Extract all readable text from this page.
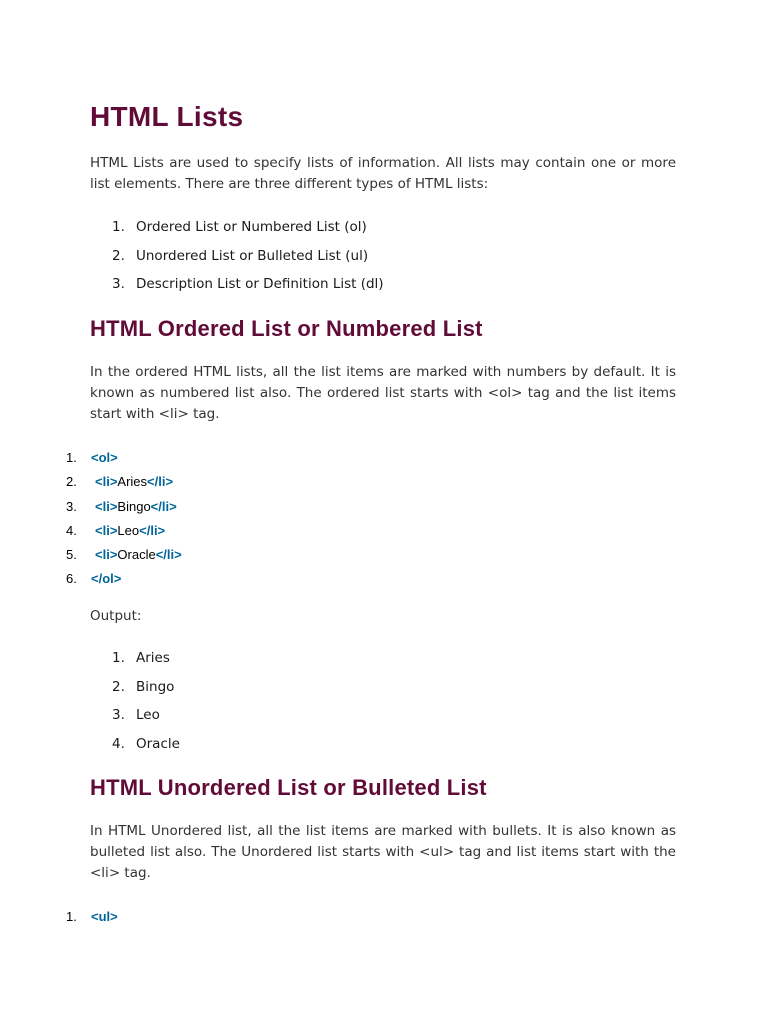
HTML Lists

HTML Lists are used to specify lists of information. All lists may contain one or more list elements. There are three different types of HTML lists:

1. Ordered List or Numbered List (ol)
2. Unordered List or Bulleted List (ul)
3. Description List or Definition List (dl)
HTML Ordered List or Numbered List

In the ordered HTML lists, all the list items are marked with numbers by default. It is known as numbered list also. The ordered list starts with <ol> tag and the list items start with <li> tag.

1. <ol>
2. <li>Aries</li>
3. <li>Bingo</li>
4. <li>Leo</li>
5. <li>Oracle</li>
6. </ol>

Output:

1. Aries
2. Bingo
3. Leo
4. Oracle
HTML Unordered List or Bulleted List

In HTML Unordered list, all the list items are marked with bullets. It is also known as bulleted list also. The Unordered list starts with <ul> tag and list items start with the <li> tag.

1. <ul>
